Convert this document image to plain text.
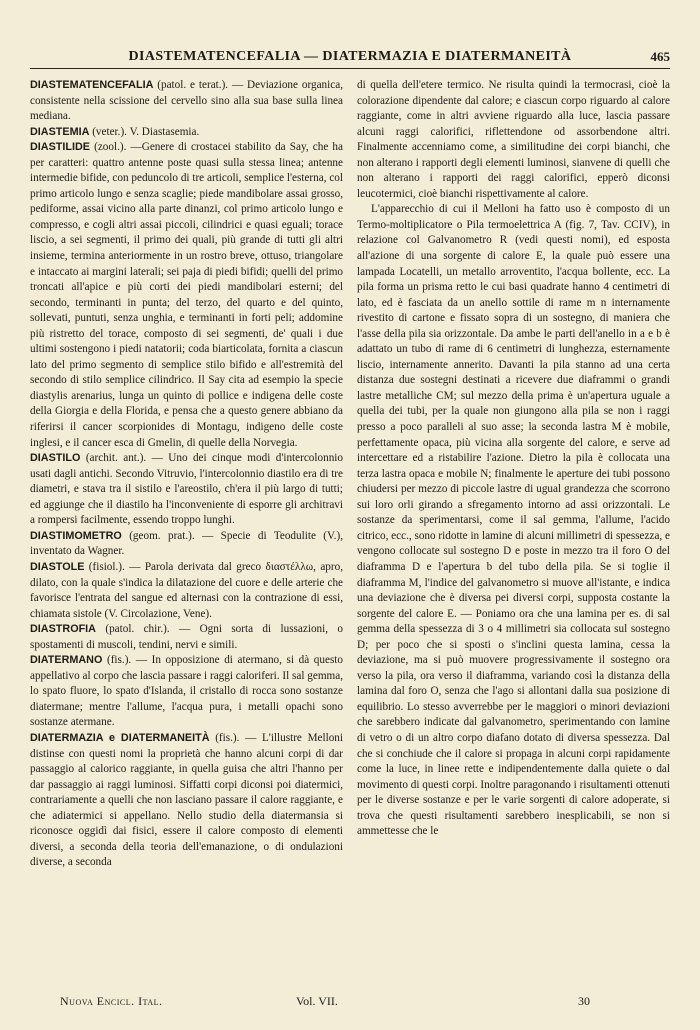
DIASTEMATENCEFALIA — DIATERMAZIA E DIATERMANEITÀ	465

DIASTEMATENCEFALIA (patol. e terat.). — Deviazione organica, consistente nella scissione del cervello sino alla sua base sulla linea mediana.

DIASTEMIA (veter.). V. Diastasemia.

DIASTILIDE (zool.). —Genere di crostacei stabilito da Say, che ha per caratteri: quattro antenne poste quasi sulla stessa linea; antenne intermedie bifide, con peduncolo di tre articoli, semplice l'esterna, col primo articolo lungo e senza scaglie; piede mandibolare assai grosso, pediforme, assai vicino alla parte dinanzi, col primo articolo lungo e compresso, e cogli altri assai piccoli, cilindrici e quasi eguali; torace liscio, a sei segmenti, il primo dei quali, più grande di tutti gli altri insieme, termina anteriormente in un rostro breve, ottuso, triangolare e intaccato ai margini laterali; sei paja di piedi bifidi; quelli del primo troncati all'apice e più corti dei piedi mandibolari esterni; del secondo, terminanti in punta; del terzo, del quarto e del quinto, sollevati, puntuti, senza unghia, e terminanti in forti peli; addomine più ristretto del torace, composto di sei segmenti, de' quali i due ultimi sostengono i piedi natatorii; coda biarticolata, fornita a ciascun lato del primo segmento di semplice stilo bifido e all'estremità del secondo di stilo semplice cilindrico. Il Say cita ad esempio la specie diastylis arenarius, lunga un quinto di pollice e indigena delle coste della Giorgia e della Florida, e pensa che a questo genere abbiano da riferirsi il cancer scorpionides di Montagu, indigeno delle coste inglesi, e il cancer esca di Gmelin, di quelle della Norvegia.

DIASTILO (archit. ant.). — Uno dei cinque modi d'intercolonnio usati dagli antichi. Secondo Vitruvio, l'intercolonnio diastilo era di tre diametri, e stava tra il sistilo e l'areostilo, ch'era il più largo di tutti; ed aggiunge che il diastilo ha l'inconveniente di esporre gli architravi a rompersi facilmente, essendo troppo lunghi.

DIASTIMOMETRO (geom. prat.). — Specie di Teodulite (V.), inventato da Wagner.

DIASTOLE (fisiol.). — Parola derivata dal greco διαστέλλω, apro, dilato, con la quale s'indica la dilatazione del cuore e delle arterie che favorisce l'entrata del sangue ed alternasi con la contrazione di essi, chiamata sistole (V. Circolazione, Vene).

DIASTROFIA (patol. chir.). — Ogni sorta di lussazioni, o spostamenti di muscoli, tendini, nervi e simili.

DIATERMANO (fis.). — In opposizione di atermano, si dà questo appellativo al corpo che lascia passare i raggi caloriferi. Il sal gemma, lo spato fluore, lo spato d'Islanda, il cristallo di rocca sono sostanze diatermane; mentre l'allume, l'acqua pura, i metalli opachi sono sostanze atermane.

DIATERMAZIA e DIATERMANEITÀ (fis.). — L'illustre Melloni distinse con questi nomi la proprietà che hanno alcuni corpi di dar passaggio al calorico raggiante, in quella guisa che altri l'hanno per dar passaggio ai raggi luminosi. Siffatti corpi diconsi poi diatermici, contrariamente a quelli che non lasciano passare il calore raggiante, e che adiatermici si appellano. Nello studio della diatermansia si riconosce oggidì dai fisici, essere il calore composto di elementi diversi, a seconda della teoria dell'emanazione, o di ondulazioni diverse, a seconda

di quella dell'etere termico. Ne risulta quindi la termocrasi, cioè la colorazione dipendente dal calore; e ciascun corpo riguardo al calore raggiante, come in altri avviene riguardo alla luce, lascia passare alcuni raggi calorifici, riflettendone od assorbendone altri. Finalmente accenniamo come, a similitudine dei corpi bianchi, che non alterano i rapporti degli elementi luminosi, sianvene di quelli che non alterano i rapporti dei raggi calorifici, epperò diconsi leucotermici, cioè bianchi rispettivamente al calore.

L'apparecchio di cui il Melloni ha fatto uso è composto di un Termo-moltiplicatore o Pila termoelettrica A (fig. 7, Tav. CCIV), in relazione col Galvanometro R (vedi questi nomi), ed esposta all'azione di una sorgente di calore E, la quale può essere una lampada Locatelli, un metallo arroventito, l'acqua bollente, ecc. La pila forma un prisma retto le cui basi quadrate hanno 4 centimetri di lato, ed è fasciata da un anello sottile di rame m n internamente rivestito di cartone e fissato sopra di un sostegno, di maniera che l'asse della pila sia orizzontale. Da ambe le parti dell'anello in a e b è adattato un tubo di rame di 6 centimetri di lunghezza, esternamente liscio, internamente annerito. Davanti la pila stanno ad una certa distanza due sostegni destinati a ricevere due diaframmi o grandi lastre metalliche CM; sul mezzo della prima è un'apertura uguale a quella dei tubi, per la quale non giungono alla pila se non i raggi presso a poco paralleli al suo asse; la seconda lastra M è mobile, perfettamente opaca, più vicina alla sorgente del calore, e serve ad intercettare ed a ristabilire l'azione. Dietro la pila è collocata una terza lastra opaca e mobile N; finalmente le aperture dei tubi possono chiudersi per mezzo di piccole lastre di ugual grandezza che scorrono sui loro orli girando a sfregamento intorno ad assi orizzontali. Le sostanze da sperimentarsi, come il sal gemma, l'allume, l'acido citrico, ecc., sono ridotte in lamine di alcuni millimetri di spessezza, e vengono collocate sul sostegno D e poste in mezzo tra il foro O del diaframma D e l'apertura b del tubo della pila. Se si toglie il diaframma M, l'indice del galvanometro si muove all'istante, e indica una deviazione che è diversa pei diversi corpi, supposta costante la sorgente del calore E. — Poniamo ora che una lamina per es. di sal gemma della spessezza di 3 o 4 millimetri sia collocata sul sostegno D; per poco che si sposti o s'inclini questa lamina, cessa la deviazione, ma si può muovere progressivamente il sostegno ora verso la pila, ora verso il diaframma, variando così la distanza della lamina dal foro O, senza che l'ago si allontani dalla sua posizione di equilibrio. Lo stesso avverrebbe per le maggiori o minori deviazioni che sarebbero indicate dal galvanometro, sperimentando con lamine di vetro o di un altro corpo diafano dotato di diversa spessezza. Dal che si conchiude che il calore si propaga in alcuni corpi rapidamente come la luce, in linee rette e indipendentemente dalla quiete o dal movimento di questi corpi. Inoltre paragonando i risultamenti ottenuti per le diverse sostanze e per le varie sorgenti di calore adoperate, si trova che questi risultamenti sarebbero inesplicabili, se non si ammettesse che le

Nuova Encicl. Ital.	Vol. VII.	30
